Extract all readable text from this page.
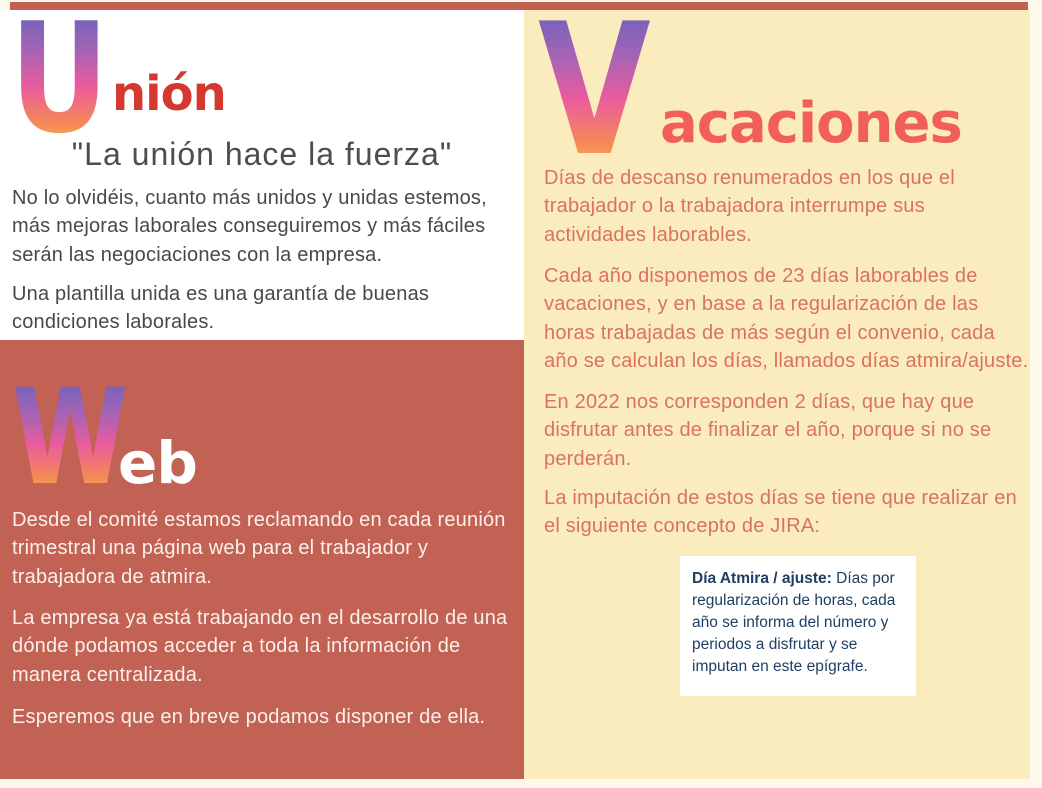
U nión
"La unión hace la fuerza"

No lo olvidéis, cuanto más unidos y unidas estemos, más mejoras laborales conseguiremos y más fáciles serán las negociaciones con la empresa.

Una plantilla unida es una garantía de buenas condiciones laborales.

W
eb

Desde el comité estamos reclamando en cada reunión trimestral una página web para el trabajador y trabajadora de atmira.

La empresa ya está trabajando en el desarrollo de una dónde podamos acceder a toda la información de manera centralizada.

Esperemos que en breve podamos disponer de ella.

V acaciones

Días de descanso renumerados en los que el trabajador o la trabajadora interrumpe sus actividades laborables.

Cada año disponemos de 23 días laborables de vacaciones, y en base a la regularización de las horas trabajadas de más según el convenio, cada año se calculan los días, llamados días atmira/ajuste.

En 2022 nos corresponden 2 días, que hay que disfrutar antes de finalizar el año, porque si no se perderán.

La imputación de estos días se tiene que realizar en el siguiente concepto de JIRA:

Día Atmira / ajuste: Días por regularización de horas, cada año se informa del número y periodos a disfrutar y se imputan en este epígrafe.
